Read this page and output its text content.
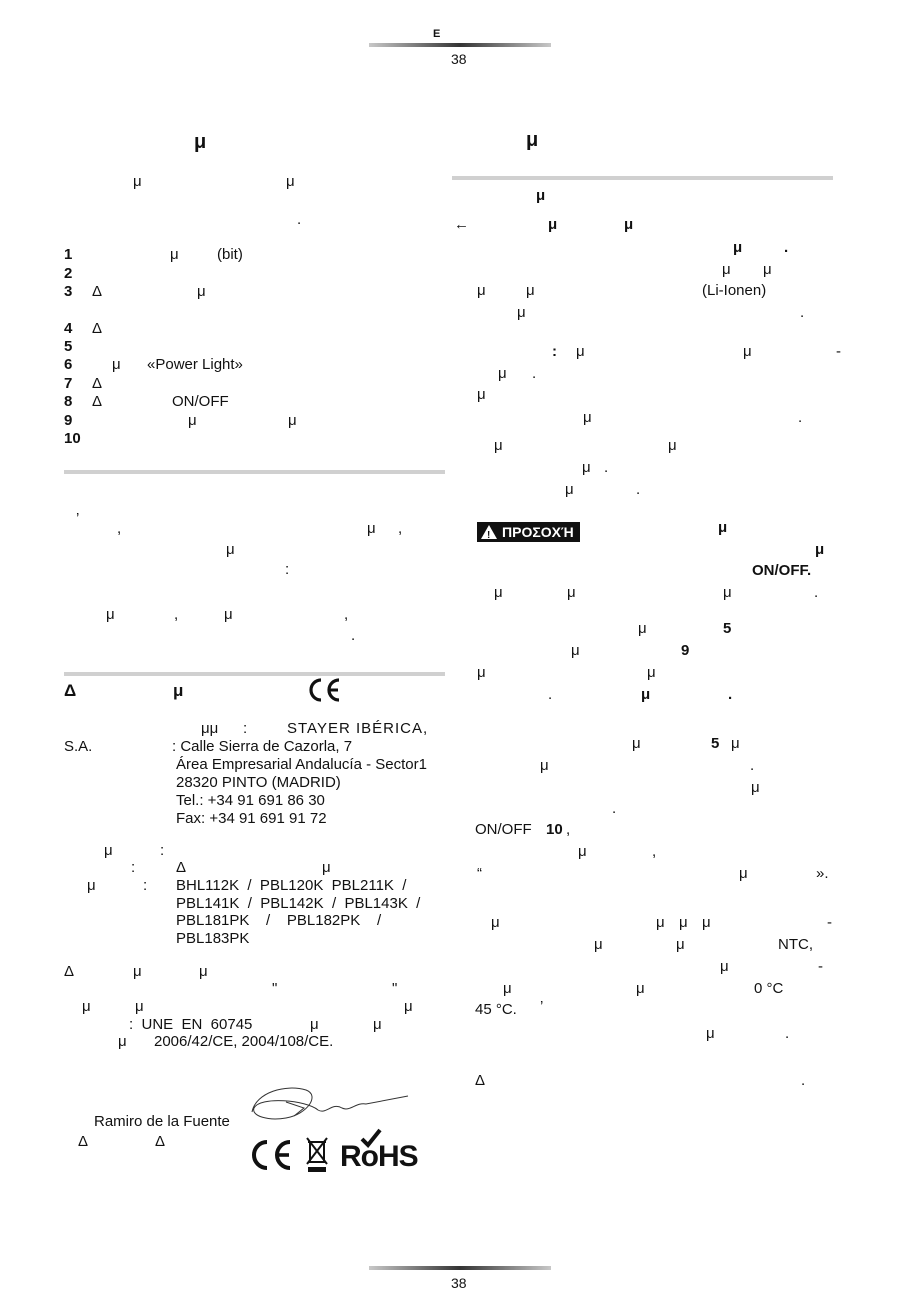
E
38
μ
μ	μ
.
1	μ	(bit)
2
3 Δ	μ
4 Δ
5
6	μ «Power Light»
7 Δ
8 Δ	ON/OFF
9	μ	μ
10
’
,	μ ,
μ
:
μ	,	μ	,
.
Δ	μ
μμ :	STAYER IBÉRICA,
S.A.	: Calle Sierra de Cazorla, 7
Área Empresarial Andalucía - Sector1
28320 PINTO (MADRID)
Tel.: +34 91 691 86 30
Fax: +34 91 691 91 72
μ	:
:	Δ	μ
μ	: BHL112K  /  PBL120K  PBL211K  /
PBL141K  /  PBL142K  /  PBL143K  /
PBL181PK    /    PBL182PK    /
PBL183PK
Δ	μ	μ
"	"
μ	μ	μ
:  UNE  EN  60745	μ	μ
μ 2006/42/CE, 2004/108/CE.
Ramiro de la Fuente
Δ	Δ	RoHS
μ
μ
←	μ	μ
μ	.
μ μ
μ	μ	(Li-Ionen)
μ	.
: μ	μ	-
μ .
μ
μ	.
μ	μ
μ .
μ	.
μ
μ
ON/OFF.
μ	μ	μ	.
μ	5
μ	9
μ	μ
.	μ	.
μ	5 μ
μ	.
μ
.
ON/OFF 10 ,
μ	,
“	μ	».
μ	μ μ μ	-
μ	μ	NTC,
μ	-
μ	μ	0 °C
45 °C. ’
μ	.
Δ	.
!ΠΡΟΣΟΧΉ
38
